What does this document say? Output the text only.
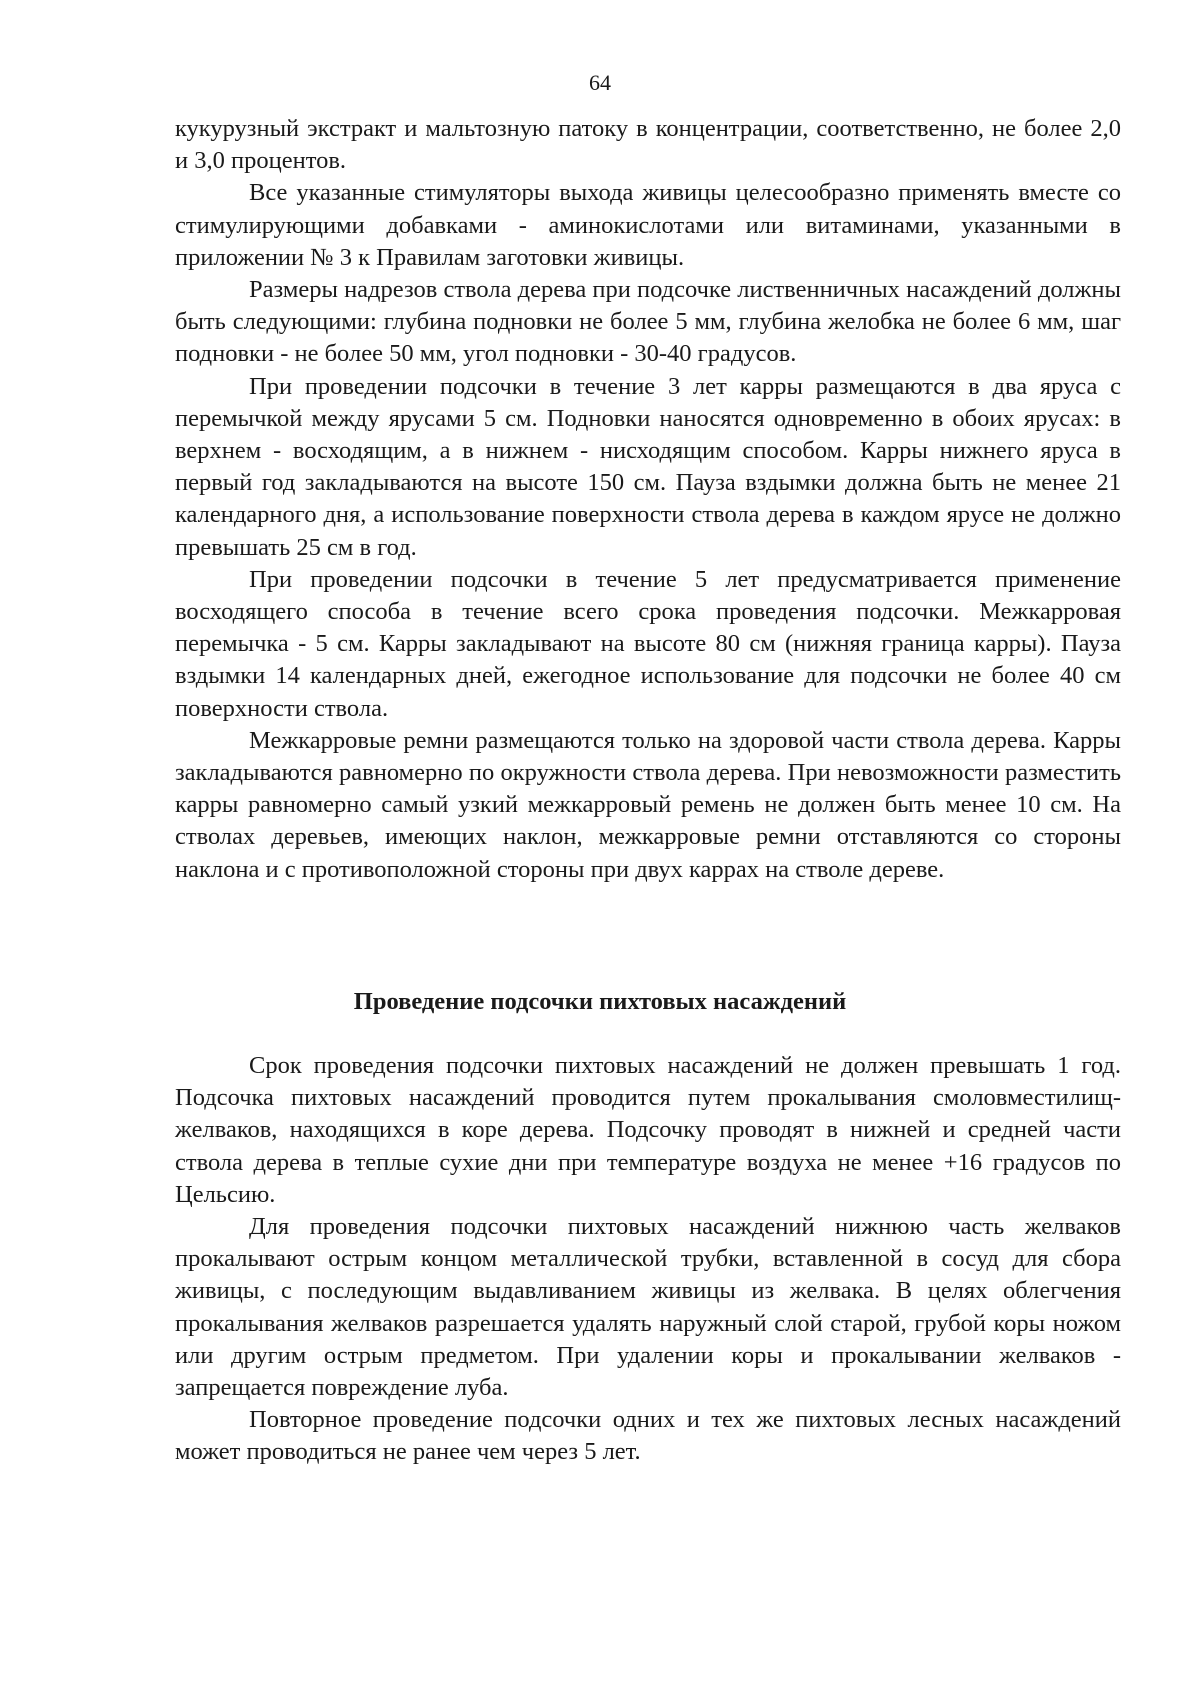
64

кукурузный экстракт и мальтозную патоку в концентрации, соответственно, не более 2,0 и 3,0 процентов.

Все указанные стимуляторы выхода живицы целесообразно применять вместе со стимулирующими добавками - аминокислотами или витаминами, указанными в приложении № 3 к Правилам заготовки живицы.

Размеры надрезов ствола дерева при подсочке лиственничных насаждений должны быть следующими: глубина подновки не более 5 мм, глубина желобка не более 6 мм, шаг подновки - не более 50 мм, угол подновки - 30-40 градусов.

При проведении подсочки в течение 3 лет карры размещаются в два яруса с перемычкой между ярусами 5 см. Подновки наносятся одновременно в обоих ярусах: в верхнем - восходящим, а в нижнем - нисходящим способом. Карры нижнего яруса в первый год закладываются на высоте 150 см. Пауза вздымки должна быть не менее 21 календарного дня, а использование поверхности ствола дерева в каждом ярусе не должно превышать 25 см в год.

При проведении подсочки в течение 5 лет предусматривается применение восходящего способа в течение всего срока проведения подсочки. Межкарровая перемычка - 5 см. Карры закладывают на высоте 80 см (нижняя граница карры). Пауза вздымки 14 календарных дней, ежегодное использование для подсочки не более 40 см поверхности ствола.

Межкарровые ремни размещаются только на здоровой части ствола дерева. Карры закладываются равномерно по окружности ствола дерева. При невозможности разместить карры равномерно самый узкий межкарровый ремень не должен быть менее 10 см. На стволах деревьев, имеющих наклон, межкарровые ремни отставляются со стороны наклона и с противоположной стороны при двух каррах на стволе дереве.

Проведение подсочки пихтовых насаждений

Срок проведения подсочки пихтовых насаждений не должен превышать 1 год. Подсочка пихтовых насаждений проводится путем прокалывания смоловместилищ-желваков, находящихся в коре дерева. Подсочку проводят в нижней и средней части ствола дерева в теплые сухие дни при температуре воздуха не менее +16 градусов по Цельсию.

Для проведения подсочки пихтовых насаждений нижнюю часть желваков прокалывают острым концом металлической трубки, вставленной в сосуд для сбора живицы, с последующим выдавливанием живицы из желвака. В целях облегчения прокалывания желваков разрешается удалять наружный слой старой, грубой коры ножом или другим острым предметом. При удалении коры и прокалывании желваков - запрещается повреждение луба.

Повторное проведение подсочки одних и тех же пихтовых лесных насаждений может проводиться не ранее чем через 5 лет.
